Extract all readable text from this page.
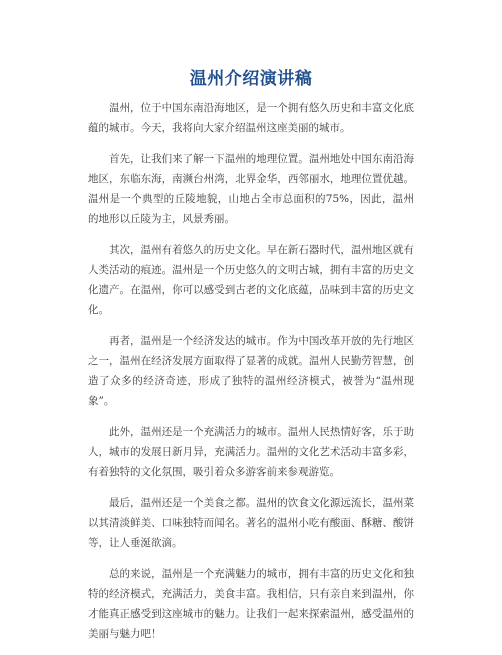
温州介绍演讲稿

温州，位于中国东南沿海地区，是一个拥有悠久历史和丰富文化底蕴的城市。今天，我将向大家介绍温州这座美丽的城市。

首先，让我们来了解一下温州的地理位置。温州地处中国东南沿海地区，东临东海，南濒台州湾，北界金华，西邻丽水，地理位置优越。温州是一个典型的丘陵地貌，山地占全市总面积的75%，因此，温州的地形以丘陵为主，风景秀丽。

其次，温州有着悠久的历史文化。早在新石器时代，温州地区就有人类活动的痕迹。温州是一个历史悠久的文明古城，拥有丰富的历史文化遗产。在温州，你可以感受到古老的文化底蕴，品味到丰富的历史文化。

再者，温州是一个经济发达的城市。作为中国改革开放的先行地区之一，温州在经济发展方面取得了显著的成就。温州人民勤劳智慧，创造了众多的经济奇迹，形成了独特的温州经济模式，被誉为“温州现象”。

此外，温州还是一个充满活力的城市。温州人民热情好客，乐于助人，城市的发展日新月异，充满活力。温州的文化艺术活动丰富多彩，有着独特的文化氛围，吸引着众多游客前来参观游览。

最后，温州还是一个美食之都。温州的饮食文化源远流长，温州菜以其清淡鲜美、口味独特而闻名。著名的温州小吃有酸面、酥糖、酸饼等，让人垂涎欲滴。

总的来说，温州是一个充满魅力的城市，拥有丰富的历史文化和独特的经济模式，充满活力，美食丰富。我相信，只有亲自来到温州，你才能真正感受到这座城市的魅力。让我们一起来探索温州，感受温州的美丽与魅力吧！
